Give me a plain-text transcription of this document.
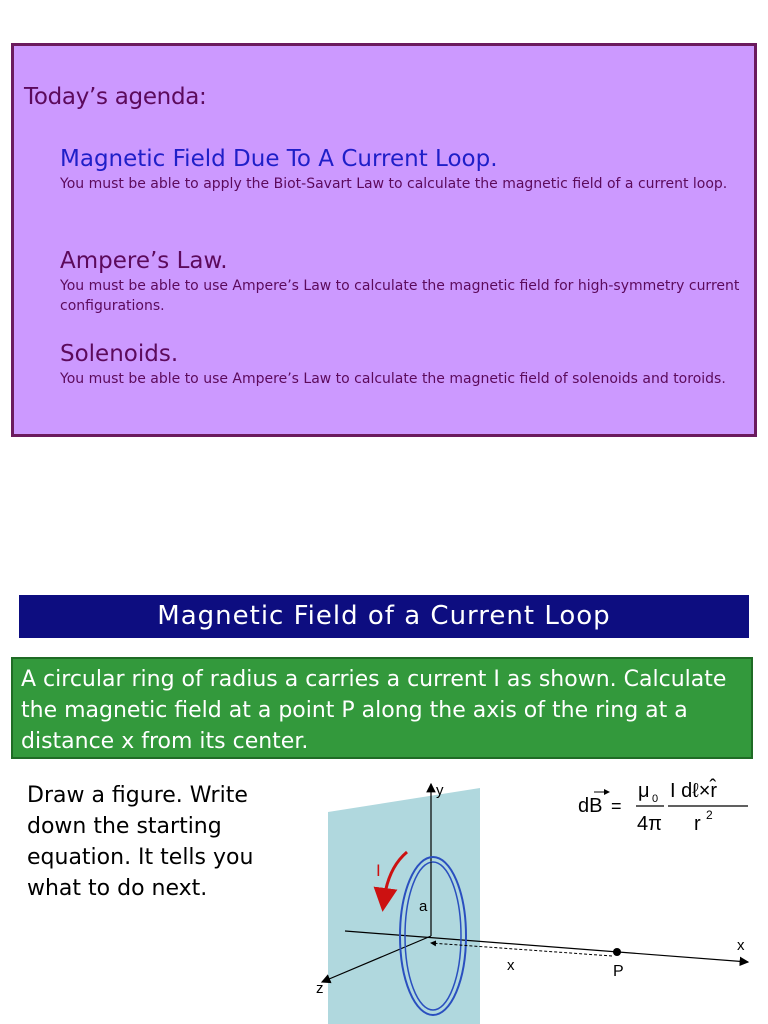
Today’s agenda:
Magnetic Field Due To A Current Loop.
You must be able to apply the Biot-Savart Law to calculate the magnetic field of a current loop.
Ampere’s Law.
You must be able to use Ampere’s Law to calculate the magnetic field for high-symmetry current configurations.
Solenoids.
You must be able to use Ampere’s Law to calculate the magnetic field of solenoids and toroids.
Magnetic Field of a Current Loop
A circular ring of radius a carries a current I as shown. Calculate the magnetic field at a point P along the axis of the ring at a distance x from its center.
Draw a figure. Write down the starting equation. It tells you what to do next.
y
x
z
a
I
x	P
dB =
μ 0
4π
I dℓ×r̂
r 2
